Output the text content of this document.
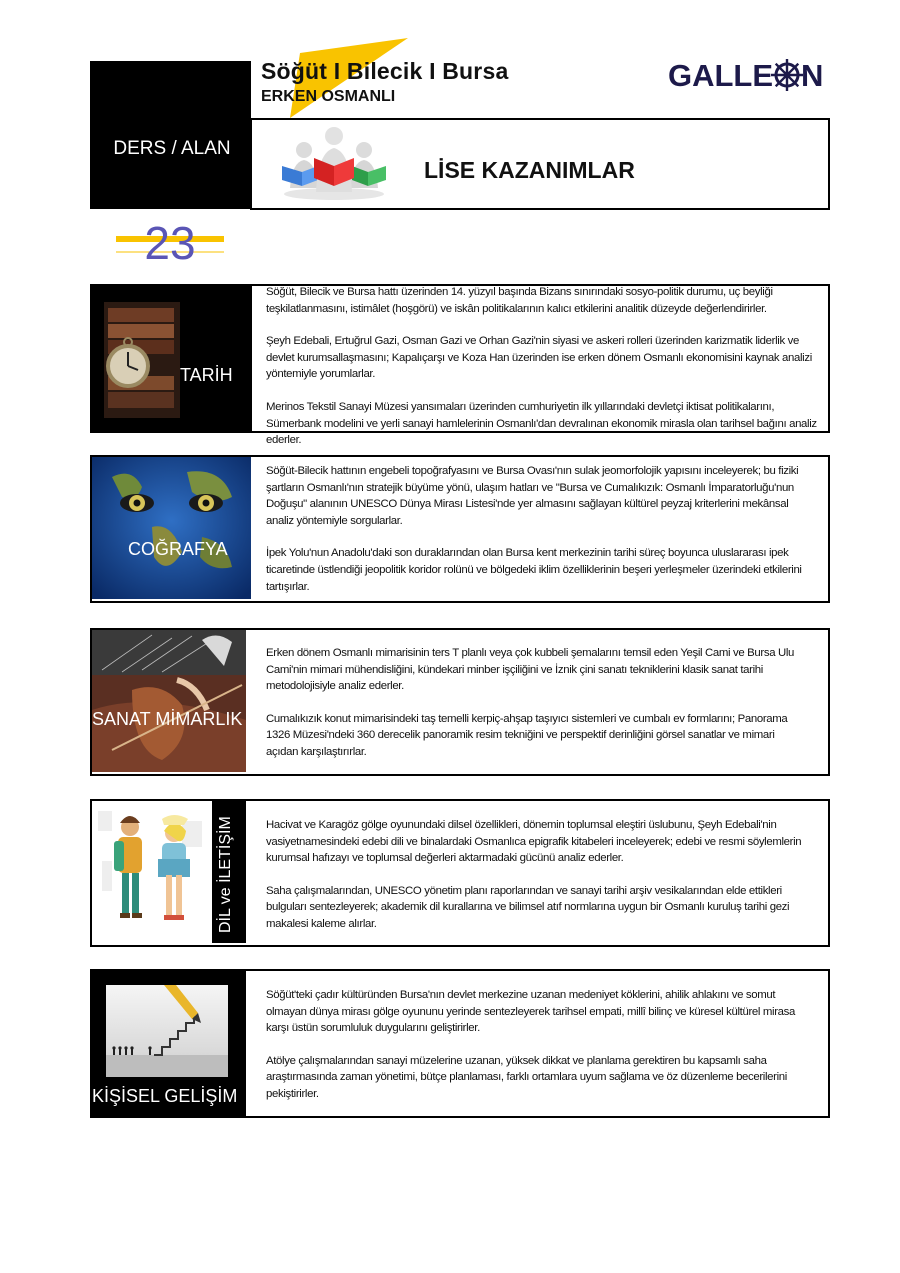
Söğüt I Bilecik I Bursa
ERKEN OSMANLI
GALLE N
DERS / ALAN
LİSE KAZANIMLAR
23
TARİH

Söğüt, Bilecik ve Bursa hattı üzerinden 14. yüzyıl başında Bizans sınırındaki sosyo-politik durumu, uç beyliği teşkilatlanmasını, istimâlet (hoşgörü) ve iskân politikalarının kalıcı etkilerini analitik düzeyde değerlendirirler.

Şeyh Edebali, Ertuğrul Gazi, Osman Gazi ve Orhan Gazi'nin siyasi ve askeri rolleri üzerinden karizmatik liderlik ve devlet kurumsallaşmasını; Kapalıçarşı ve Koza Han üzerinden ise erken dönem Osmanlı ekonomisini kaynak analizi yöntemiyle yorumlarlar.

Merinos Tekstil Sanayi Müzesi yansımaları üzerinden cumhuriyetin ilk yıllarındaki devletçi iktisat politikalarını, Sümerbank modelini ve yerli sanayi hamlelerinin Osmanlı'dan devralınan ekonomik mirasla olan tarihsel bağını analiz ederler.

COĞRAFYA

Söğüt-Bilecik hattının engebeli topoğrafyasını ve Bursa Ovası'nın sulak jeomorfolojik yapısını inceleyerek; bu fiziki şartların Osmanlı'nın stratejik büyüme yönü, ulaşım hatları ve "Bursa ve Cumalıkızık: Osmanlı İmparatorluğu'nun Doğuşu" alanının UNESCO Dünya Mirası Listesi'nde yer almasını sağlayan kültürel peyzaj kriterlerini mekânsal analiz yöntemiyle sorgularlar.

İpek Yolu'nun Anadolu'daki son duraklarından olan Bursa kent merkezinin tarihi süreç boyunca uluslararası ipek ticaretinde üstlendiği jeopolitik koridor rolünü ve bölgedeki iklim özelliklerinin beşeri yerleşmeler üzerindeki etkilerini tartışırlar.

SANAT MİMARLIK

Erken dönem Osmanlı mimarisinin ters T planlı veya çok kubbeli şemalarını temsil eden Yeşil Cami ve Bursa Ulu Cami'nin mimari mühendisliğini, kündekari minber işçiliğini ve İznik çini sanatı tekniklerini klasik sanat tarihi metodolojisiyle analiz ederler.

Cumalıkızık konut mimarisindeki taş temelli kerpiç-ahşap taşıyıcı sistemleri ve cumbalı ev formlarını; Panorama 1326 Müzesi'ndeki 360 derecelik panoramik resim tekniğini ve perspektif derinliğini görsel sanatlar ve mimari açıdan karşılaştırırlar.

DİL ve İLETİŞİM	Hacivat ve Karagöz gölge oyunundaki dilsel özellikleri, dönemin toplumsal eleştiri üslubunu, Şeyh Edebali'nin vasiyetnamesindeki edebi dili ve binalardaki Osmanlıca epigrafik kitabeleri inceleyerek; edebi ve resmi söylemlerin kurumsal hafızayı ve toplumsal değerleri aktarmadaki gücünü analiz ederler.

Saha çalışmalarından, UNESCO yönetim planı raporlarından ve sanayi tarihi arşiv vesikalarından elde ettikleri bulguları sentezleyerek; akademik dil kurallarına ve bilimsel atıf normlarına uygun bir Osmanlı kuruluş tarihi gezi makalesi kaleme alırlar.

KİŞİSEL GELİŞİM

Söğüt'teki çadır kültüründen Bursa'nın devlet merkezine uzanan medeniyet köklerini, ahilik ahlakını ve somut olmayan dünya mirası gölge oyununu yerinde sentezleyerek tarihsel empati, millî bilinç ve küresel kültürel mirasa karşı üstün sorumluluk duygularını geliştirirler.

Atölye çalışmalarından sanayi müzelerine uzanan, yüksek dikkat ve planlama gerektiren bu kapsamlı saha araştırmasında zaman yönetimi, bütçe planlaması, farklı ortamlara uyum sağlama ve öz düzenleme becerilerini pekiştirirler.
